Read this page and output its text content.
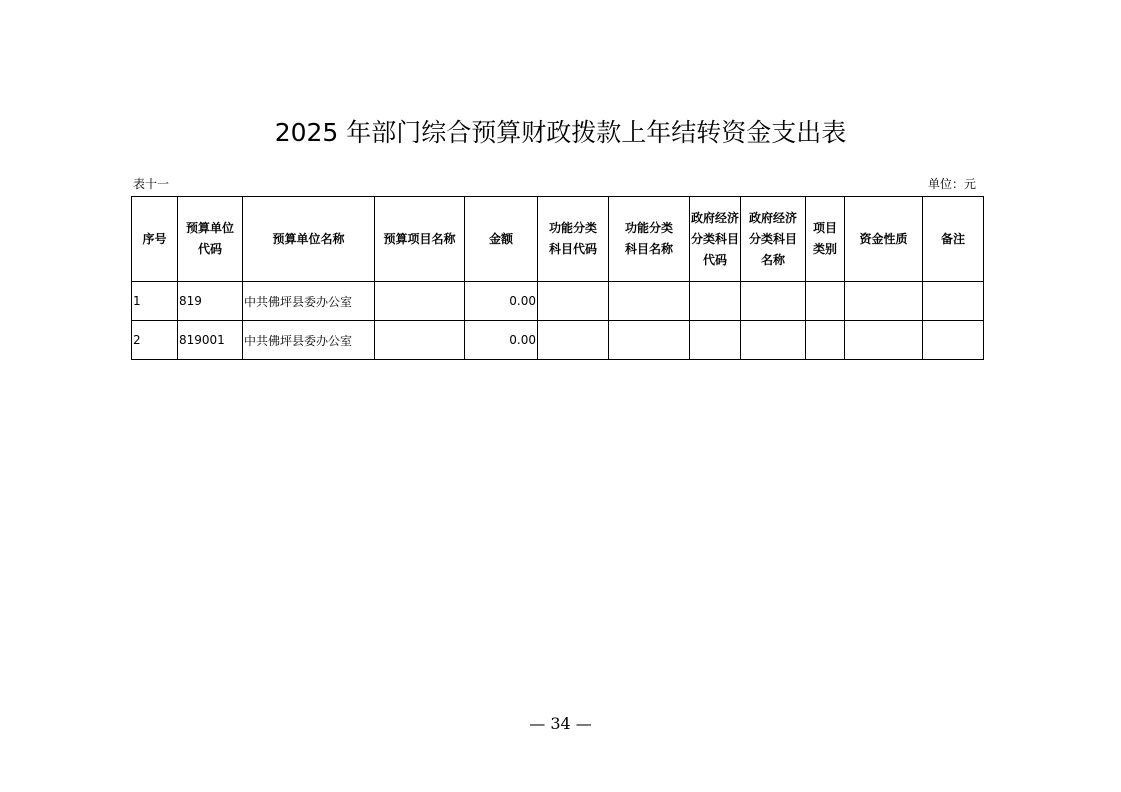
2025 年部门综合预算财政拨款上年结转资金支出表
表十一	单位：元
序号	预算单位代码	预算单位名称	预算项目名称	金额	功能分类科目代码	功能分类科目名称	政府经济分类科目代码	政府经济分类科目名称	项目类别	资金性质	备注
1	819	中共佛坪县委办公室		0.00							
2	819001	中共佛坪县委办公室		0.00							
— 34 —
